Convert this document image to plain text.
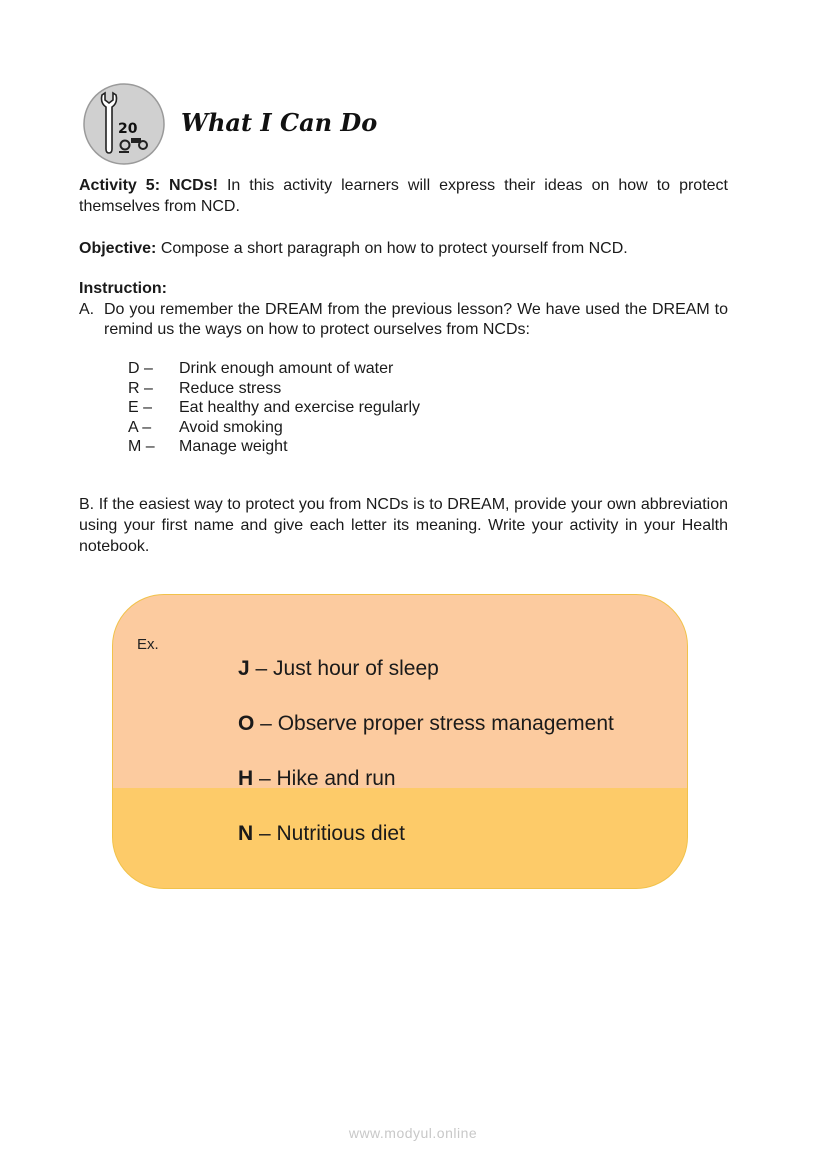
20 What I Can Do
Activity 5: NCDs! In this activity learners will express their ideas on how to protect themselves from NCD.
Objective: Compose a short paragraph on how to protect yourself from NCD.
Instruction:
A. Do you remember the DREAM from the previous lesson? We have used the DREAM to remind us the ways on how to protect ourselves from NCDs:
D –	Drink enough amount of water
R –	Reduce stress
E –	Eat healthy and exercise regularly
A –	Avoid smoking
M –	Manage weight
B. If the easiest way to protect you from NCDs is to DREAM, provide your own abbreviation using your first name and give each letter its meaning. Write your activity in your Health notebook.
Ex.
J – Just hour of sleep
O – Observe proper stress management
H – Hike and run
N – Nutritious diet
www.modyul.online
